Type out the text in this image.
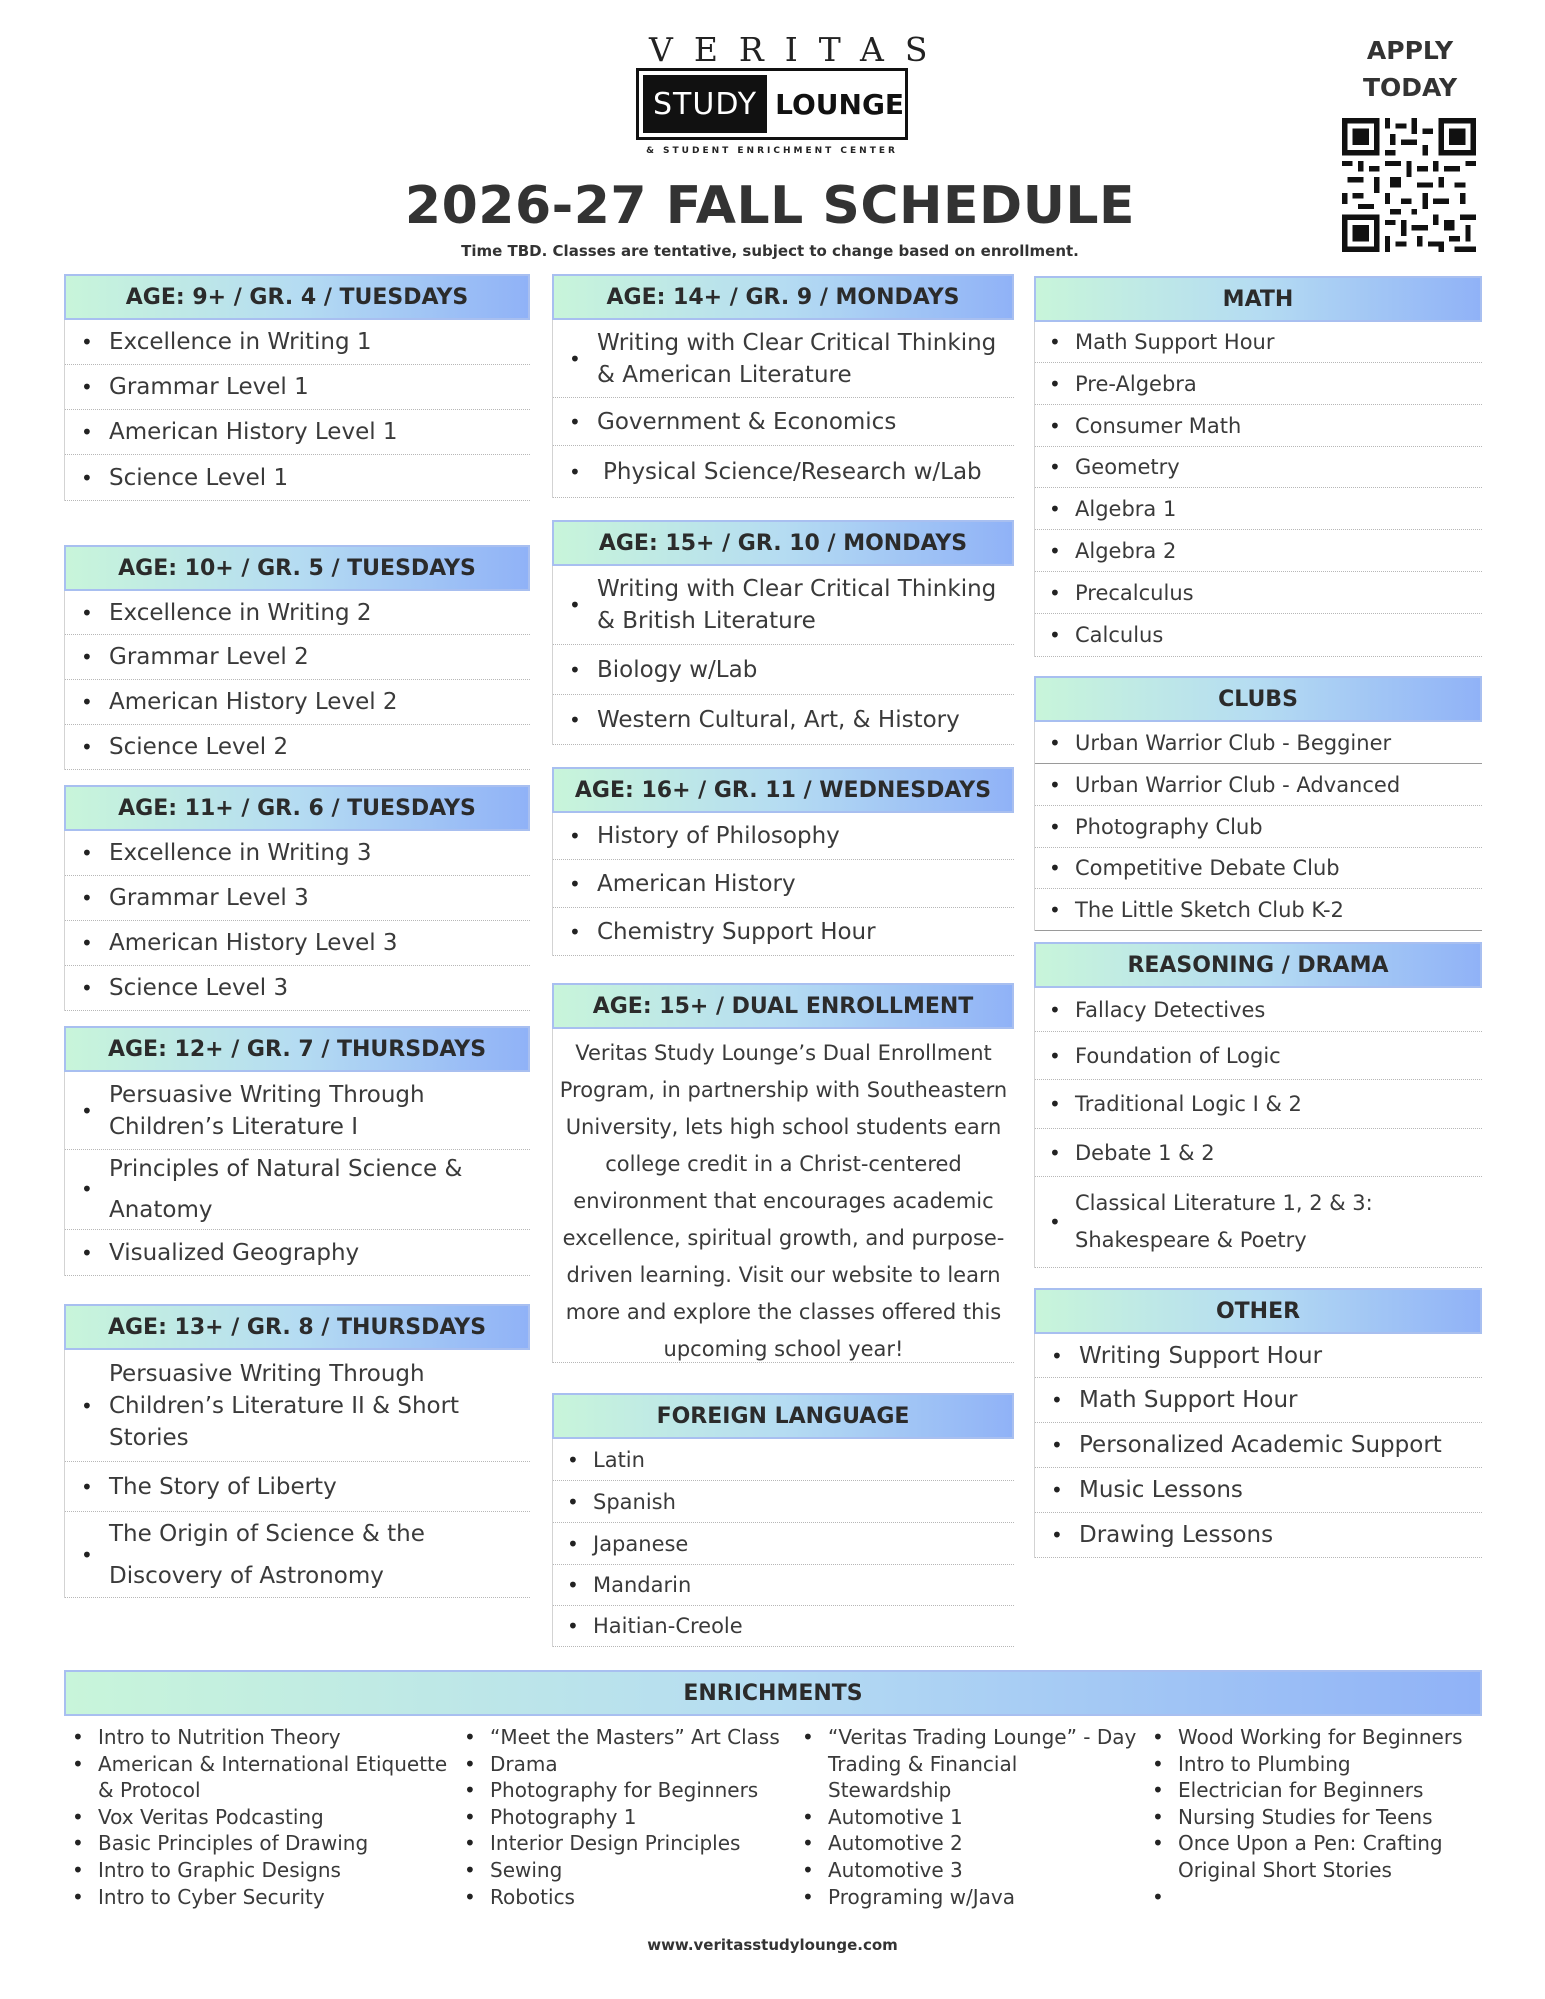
VERITAS
STUDY LOUNGE
& STUDENT ENRICHMENT CENTER
2026-27 FALL SCHEDULE
Time TBD. Classes are tentative, subject to change based on enrollment.
APPLY
TODAY
AGE: 9+ / GR. 4 / TUESDAYS
• Excellence in Writing 1
• Grammar Level 1
• American History Level 1
• Science Level 1
AGE: 10+ / GR. 5 / TUESDAYS
• Excellence in Writing 2
• Grammar Level 2
• American History Level 2
• Science Level 2
AGE: 11+ / GR. 6 / TUESDAYS
• Excellence in Writing 3
• Grammar Level 3
• American History Level 3
• Science Level 3
AGE: 12+ / GR. 7 / THURSDAYS
• Persuasive Writing Through Children’s Literature I
• Principles of Natural Science & Anatomy
• Visualized Geography
AGE: 13+ / GR. 8 / THURSDAYS
• Persuasive Writing Through Children’s Literature II & Short Stories
• The Story of Liberty
• The Origin of Science & the Discovery of Astronomy
AGE: 14+ / GR. 9 / MONDAYS
• Writing with Clear Critical Thinking & American Literature
• Government & Economics
• Physical Science/Research w/Lab
AGE: 15+ / GR. 10 / MONDAYS
• Writing with Clear Critical Thinking & British Literature
• Biology w/Lab
• Western Cultural, Art, & History
AGE: 16+ / GR. 11 / WEDNESDAYS
• History of Philosophy
• American History
• Chemistry Support Hour
AGE: 15+ / DUAL ENROLLMENT
Veritas Study Lounge’s Dual Enrollment Program, in partnership with Southeastern University, lets high school students earn college credit in a Christ-centered environment that encourages academic excellence, spiritual growth, and purpose-driven learning. Visit our website to learn more and explore the classes offered this upcoming school year!
FOREIGN LANGUAGE
• Latin
• Spanish
• Japanese
• Mandarin
• Haitian-Creole
MATH
• Math Support Hour
• Pre-Algebra
• Consumer Math
• Geometry
• Algebra 1
• Algebra 2
• Precalculus
• Calculus
CLUBS
• Urban Warrior Club - Begginer
• Urban Warrior Club - Advanced
• Photography Club
• Competitive Debate Club
• The Little Sketch Club K-2
REASONING / DRAMA
• Fallacy Detectives
• Foundation of Logic
• Traditional Logic I & 2
• Debate 1 & 2
• Classical Literature 1, 2 & 3: Shakespeare & Poetry
OTHER
• Writing Support Hour
• Math Support Hour
• Personalized Academic Support
• Music Lessons
• Drawing Lessons
ENRICHMENTS
• Intro to Nutrition Theory
• American & International Etiquette & Protocol
• Vox Veritas Podcasting
• Basic Principles of Drawing
• Intro to Graphic Designs
• Intro to Cyber Security
• “Meet the Masters” Art Class
• Drama
• Photography for Beginners
• Photography 1
• Interior Design Principles
• Sewing
• Robotics
• “Veritas Trading Lounge” - Day Trading & Financial Stewardship
• Automotive 1
• Automotive 2
• Automotive 3
• Programing w/Java
• Wood Working for Beginners
• Intro to Plumbing
• Electrician for Beginners
• Nursing Studies for Teens
• Once Upon a Pen: Crafting Original Short Stories
•
www.veritasstudylounge.com
